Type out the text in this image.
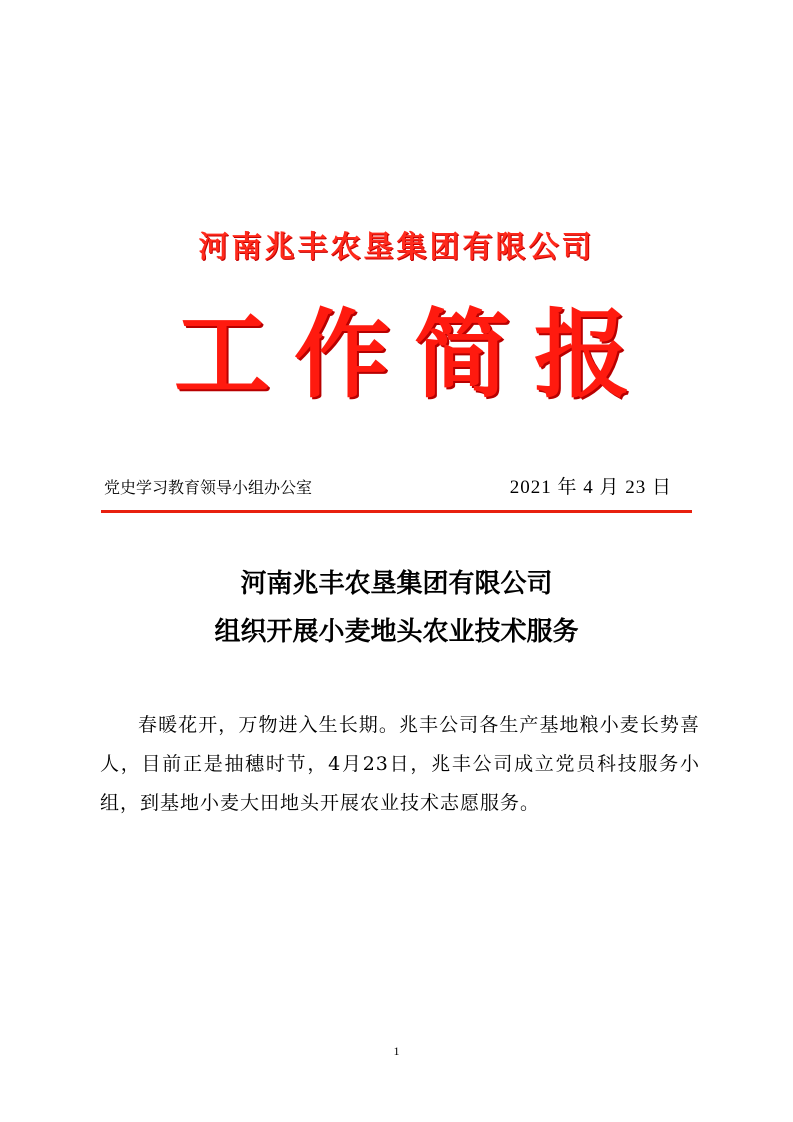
河南兆丰农垦集团有限公司
工 作 简 报
党史学习教育领导小组办公室	2021 年 4 月 23 日
河南兆丰农垦集团有限公司
组织开展小麦地头农业技术服务
春暖花开，万物进入生长期。兆丰公司各生产基地粮小麦长势喜人，目前正是抽穗时节，4月23日，兆丰公司成立党员科技服务小组，到基地小麦大田地头开展农业技术志愿服务。
1
